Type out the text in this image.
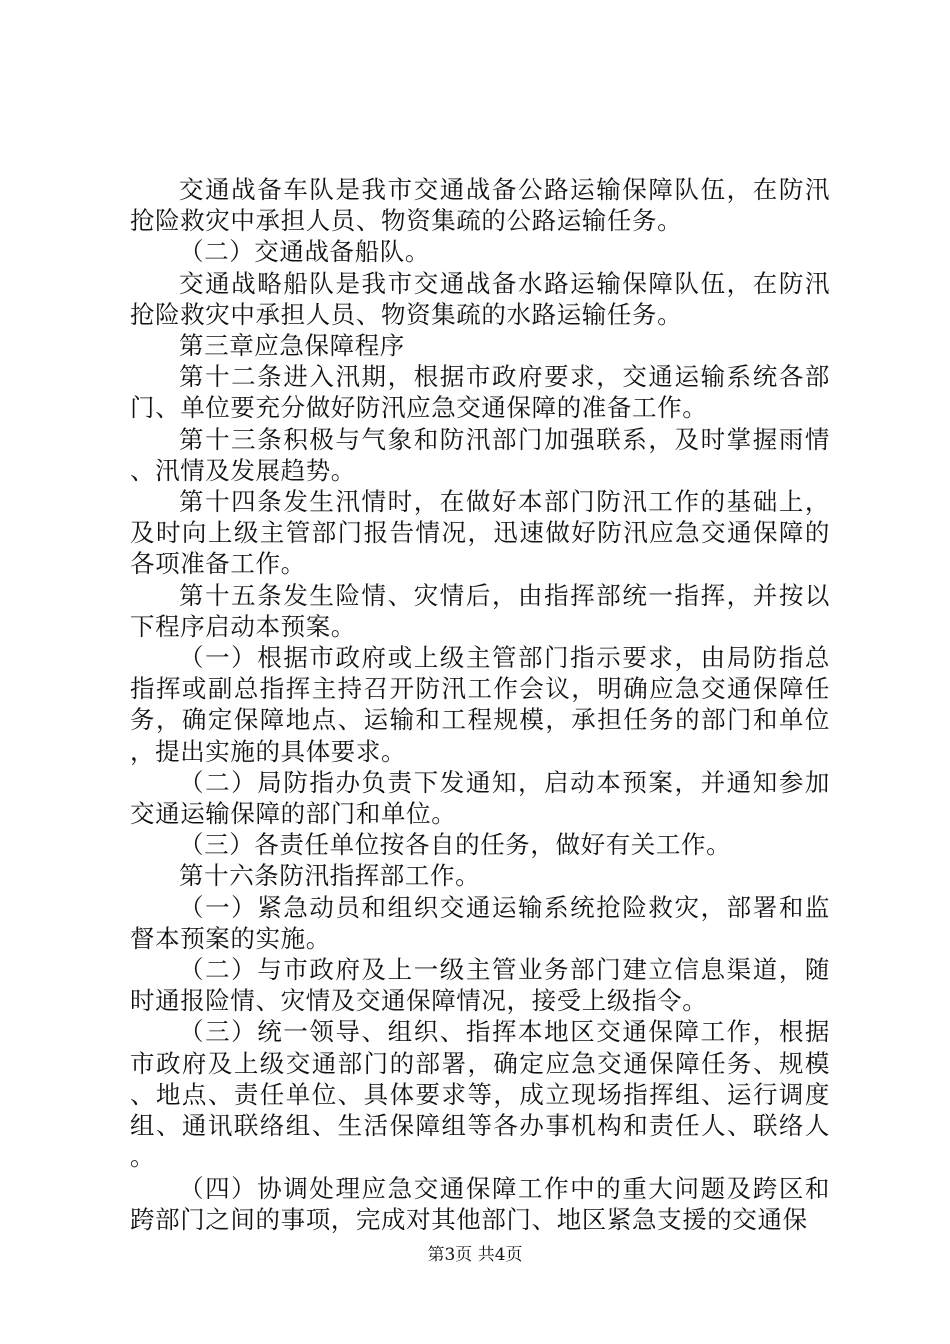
交通战备车队是我市交通战备公路运输保障队伍，在防汛抢险救灾中承担人员、物资集疏的公路运输任务。

（二）交通战备船队。

交通战略船队是我市交通战备水路运输保障队伍，在防汛抢险救灾中承担人员、物资集疏的水路运输任务。

第三章应急保障程序

第十二条进入汛期，根据市政府要求，交通运输系统各部门、单位要充分做好防汛应急交通保障的准备工作。

第十三条积极与气象和防汛部门加强联系，及时掌握雨情、汛情及发展趋势。

第十四条发生汛情时，在做好本部门防汛工作的基础上，及时向上级主管部门报告情况，迅速做好防汛应急交通保障的各项准备工作。

第十五条发生险情、灾情后，由指挥部统一指挥，并按以下程序启动本预案。

（一）根据市政府或上级主管部门指示要求，由局防指总指挥或副总指挥主持召开防汛工作会议，明确应急交通保障任务，确定保障地点、运输和工程规模，承担任务的部门和单位，提出实施的具体要求。

（二）局防指办负责下发通知，启动本预案，并通知参加交通运输保障的部门和单位。

（三）各责任单位按各自的任务，做好有关工作。

第十六条防汛指挥部工作。

（一）紧急动员和组织交通运输系统抢险救灾，部署和监督本预案的实施。

（二）与市政府及上一级主管业务部门建立信息渠道，随时通报险情、灾情及交通保障情况，接受上级指令。

（三）统一领导、组织、指挥本地区交通保障工作，根据市政府及上级交通部门的部署，确定应急交通保障任务、规模、地点、责任单位、具体要求等，成立现场指挥组、运行调度组、通讯联络组、生活保障组等各办事机构和责任人、联络人。

（四）协调处理应急交通保障工作中的重大问题及跨区和跨部门之间的事项，完成对其他部门、地区紧急支援的交通保

第3页 共4页
